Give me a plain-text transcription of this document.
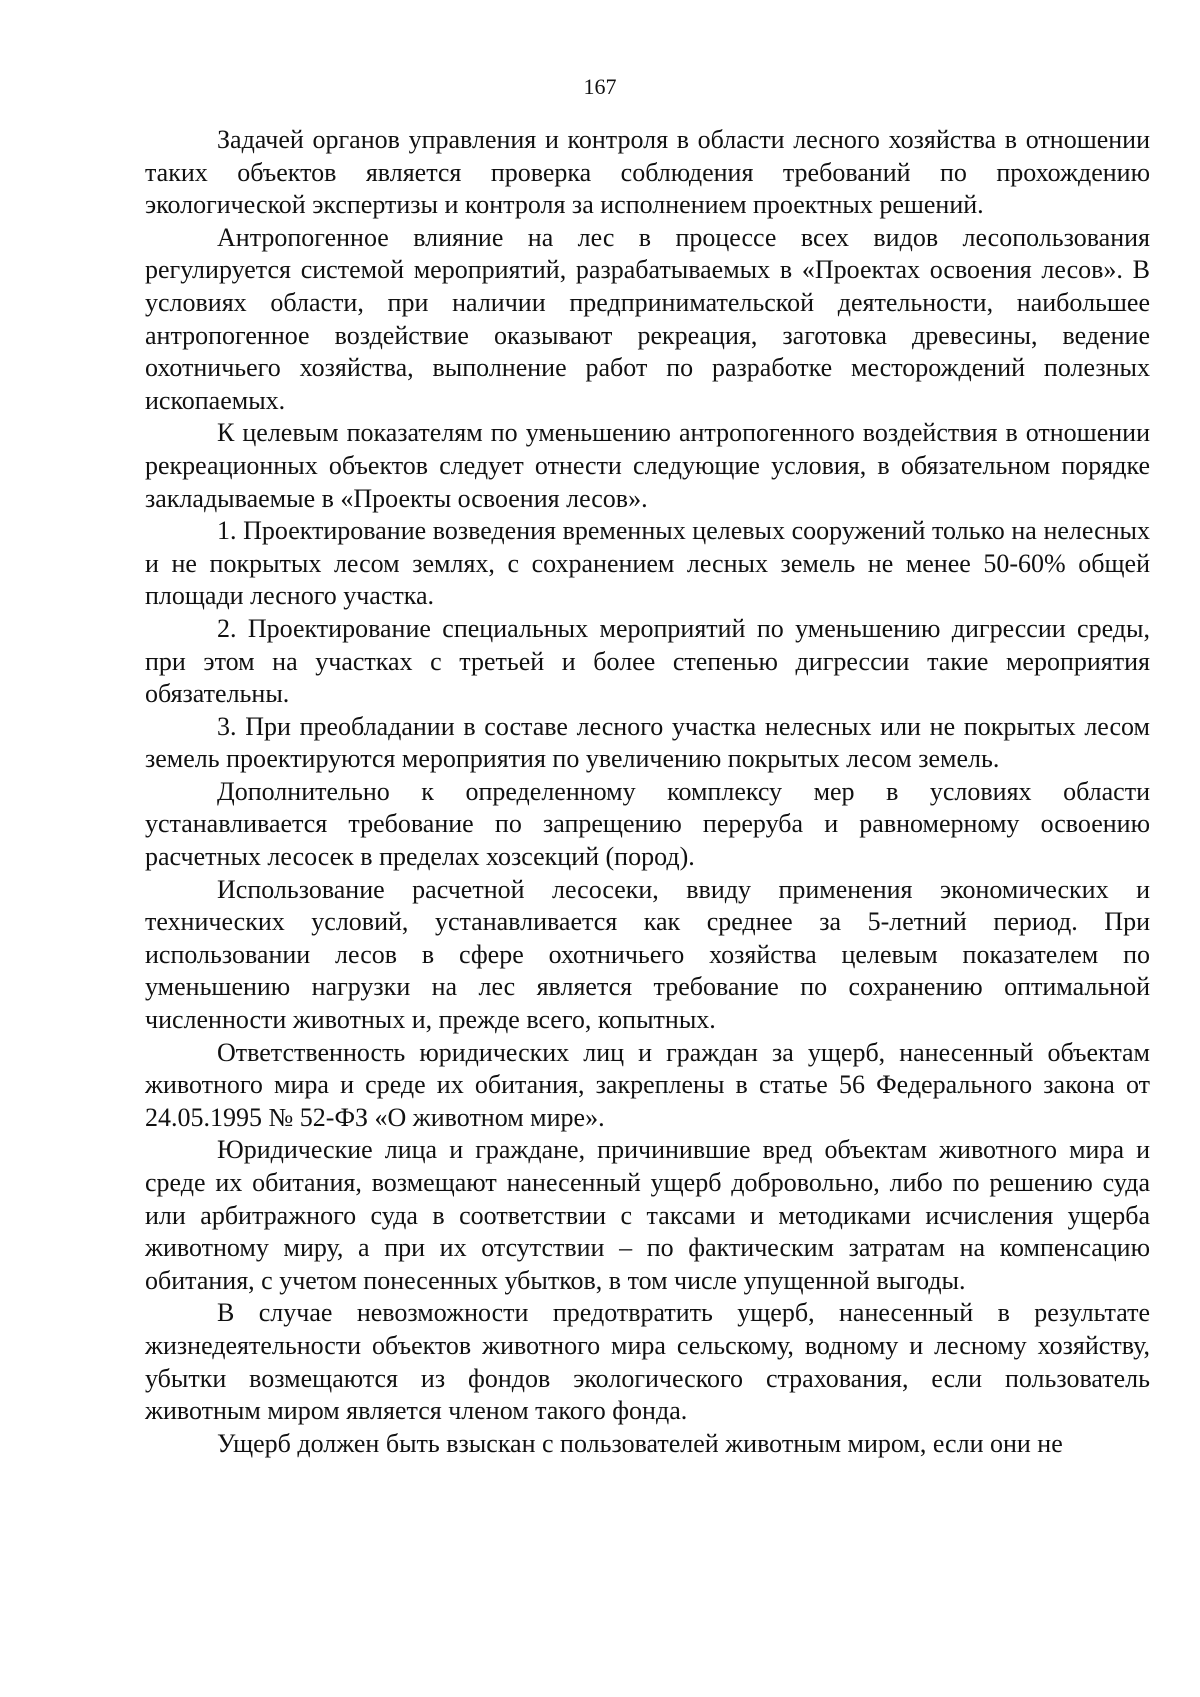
167

Задачей органов управления и контроля в области лесного хозяйства в отношении таких объектов является проверка соблюдения требований по прохождению экологической экспертизы и контроля за исполнением проектных решений.

Антропогенное влияние на лес в процессе всех видов лесопользования регулируется системой мероприятий, разрабатываемых в «Проектах освоения лесов». В условиях области, при наличии предпринимательской деятельности, наибольшее антропогенное воздействие оказывают рекреация, заготовка древесины, ведение охотничьего хозяйства, выполнение работ по разработке месторождений полезных ископаемых.

К целевым показателям по уменьшению антропогенного воздействия в отношении рекреационных объектов следует отнести следующие условия, в обязательном порядке закладываемые в «Проекты освоения лесов».

1. Проектирование возведения временных целевых сооружений только на нелесных и не покрытых лесом землях, с сохранением лесных земель не менее 50-60% общей площади лесного участка.

2. Проектирование специальных мероприятий по уменьшению дигрессии среды, при этом на участках с третьей и более степенью дигрессии такие мероприятия обязательны.

3. При преобладании в составе лесного участка нелесных или не покрытых лесом земель проектируются мероприятия по увеличению покрытых лесом земель.

Дополнительно к определенному комплексу мер в условиях области устанавливается требование по запрещению переруба и равномерному освоению расчетных лесосек в пределах хозсекций (пород).

Использование расчетной лесосеки, ввиду применения экономических и технических условий, устанавливается как среднее за 5-летний период. При использовании лесов в сфере охотничьего хозяйства целевым показателем по уменьшению нагрузки на лес является требование по сохранению оптимальной численности животных и, прежде всего, копытных.

Ответственность юридических лиц и граждан за ущерб, нанесенный объектам животного мира и среде их обитания, закреплены в статье 56 Федерального закона от 24.05.1995 № 52-ФЗ «О животном мире».

Юридические лица и граждане, причинившие вред объектам животного мира и среде их обитания, возмещают нанесенный ущерб добровольно, либо по решению суда или арбитражного суда в соответствии с таксами и методиками исчисления ущерба животному миру, а при их отсутствии – по фактическим затратам на компенсацию обитания, с учетом понесенных убытков, в том числе упущенной выгоды.

В случае невозможности предотвратить ущерб, нанесенный в результате жизнедеятельности объектов животного мира сельскому, водному и лесному хозяйству, убытки возмещаются из фондов экологического страхования, если пользователь животным миром является членом такого фонда.

Ущерб должен быть взыскан с пользователей животным миром, если они не
